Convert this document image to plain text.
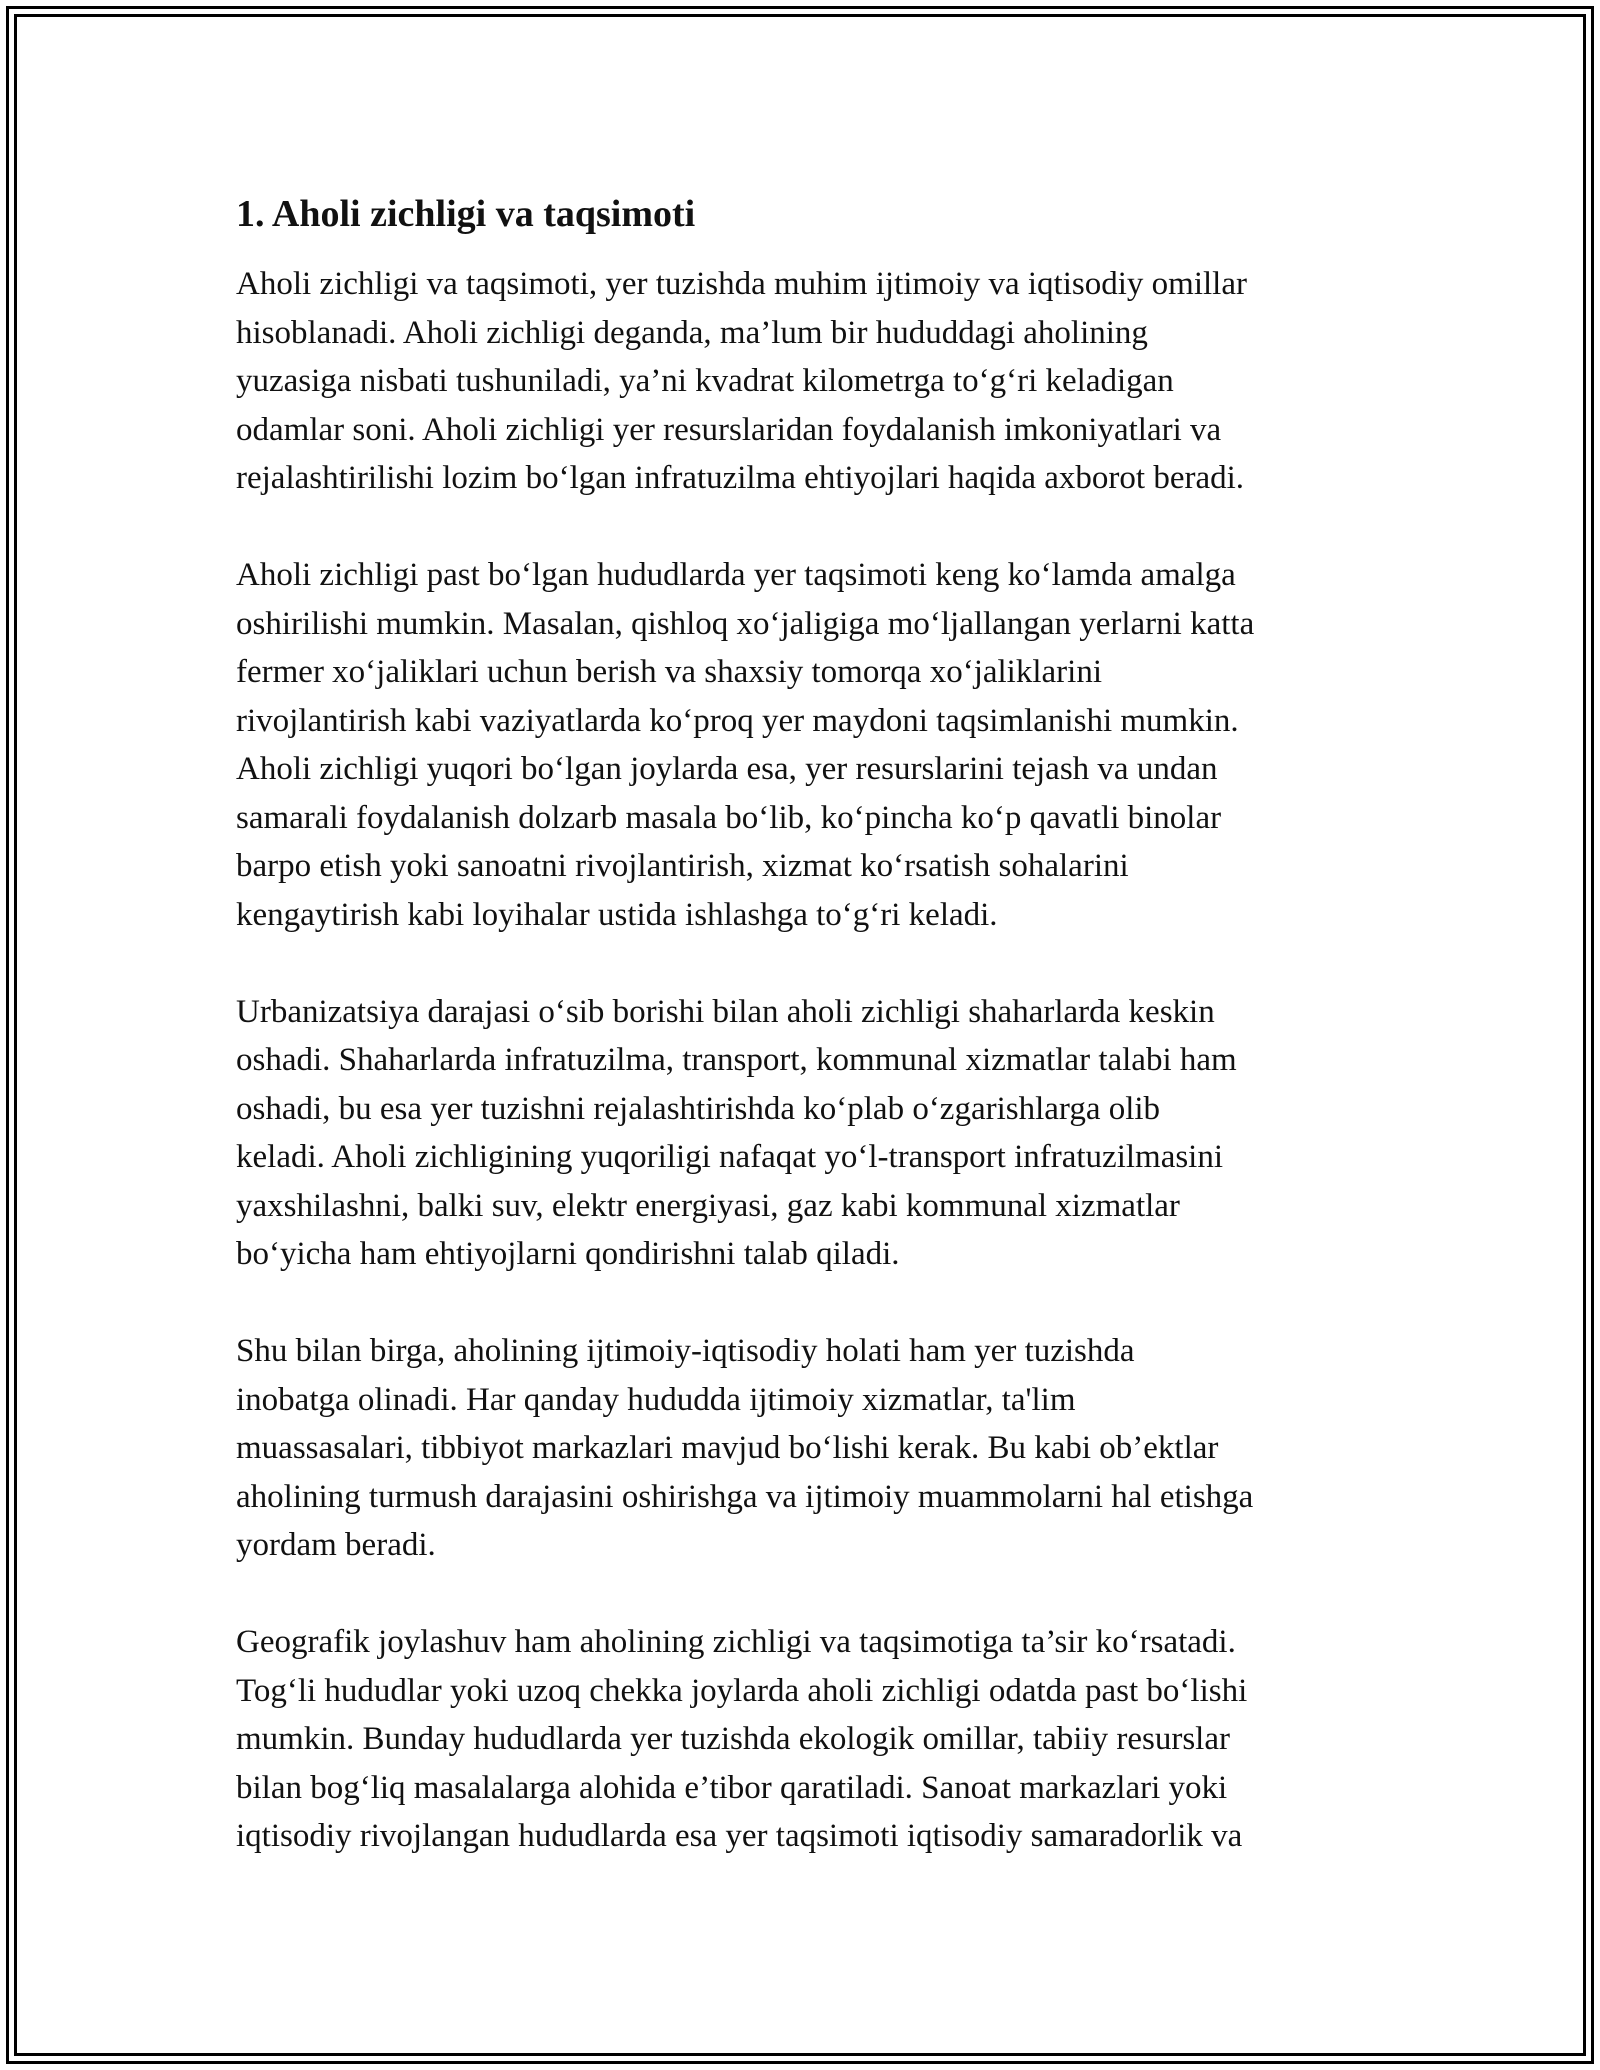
1. Aholi zichligi va taqsimoti

Aholi zichligi va taqsimoti, yer tuzishda muhim ijtimoiy va iqtisodiy omillar
hisoblanadi. Aholi zichligi deganda, ma’lum bir hududdagi aholining
yuzasiga nisbati tushuniladi, ya’ni kvadrat kilometrga to‘g‘ri keladigan
odamlar soni. Aholi zichligi yer resurslaridan foydalanish imkoniyatlari va
rejalashtirilishi lozim bo‘lgan infratuzilma ehtiyojlari haqida axborot beradi.

Aholi zichligi past bo‘lgan hududlarda yer taqsimoti keng ko‘lamda amalga
oshirilishi mumkin. Masalan, qishloq xo‘jaligiga mo‘ljallangan yerlarni katta
fermer xo‘jaliklari uchun berish va shaxsiy tomorqa xo‘jaliklarini
rivojlantirish kabi vaziyatlarda ko‘proq yer maydoni taqsimlanishi mumkin.
Aholi zichligi yuqori bo‘lgan joylarda esa, yer resurslarini tejash va undan
samarali foydalanish dolzarb masala bo‘lib, ko‘pincha ko‘p qavatli binolar
barpo etish yoki sanoatni rivojlantirish, xizmat ko‘rsatish sohalarini
kengaytirish kabi loyihalar ustida ishlashga to‘g‘ri keladi.

Urbanizatsiya darajasi o‘sib borishi bilan aholi zichligi shaharlarda keskin
oshadi. Shaharlarda infratuzilma, transport, kommunal xizmatlar talabi ham
oshadi, bu esa yer tuzishni rejalashtirishda ko‘plab o‘zgarishlarga olib
keladi. Aholi zichligining yuqoriligi nafaqat yo‘l-transport infratuzilmasini
yaxshilashni, balki suv, elektr energiyasi, gaz kabi kommunal xizmatlar
bo‘yicha ham ehtiyojlarni qondirishni talab qiladi.

Shu bilan birga, aholining ijtimoiy-iqtisodiy holati ham yer tuzishda
inobatga olinadi. Har qanday hududda ijtimoiy xizmatlar, ta'lim
muassasalari, tibbiyot markazlari mavjud bo‘lishi kerak. Bu kabi ob’ektlar
aholining turmush darajasini oshirishga va ijtimoiy muammolarni hal etishga
yordam beradi.

Geografik joylashuv ham aholining zichligi va taqsimotiga ta’sir ko‘rsatadi.
Tog‘li hududlar yoki uzoq chekka joylarda aholi zichligi odatda past bo‘lishi
mumkin. Bunday hududlarda yer tuzishda ekologik omillar, tabiiy resurslar
bilan bog‘liq masalalarga alohida e’tibor qaratiladi. Sanoat markazlari yoki
iqtisodiy rivojlangan hududlarda esa yer taqsimoti iqtisodiy samaradorlik va
